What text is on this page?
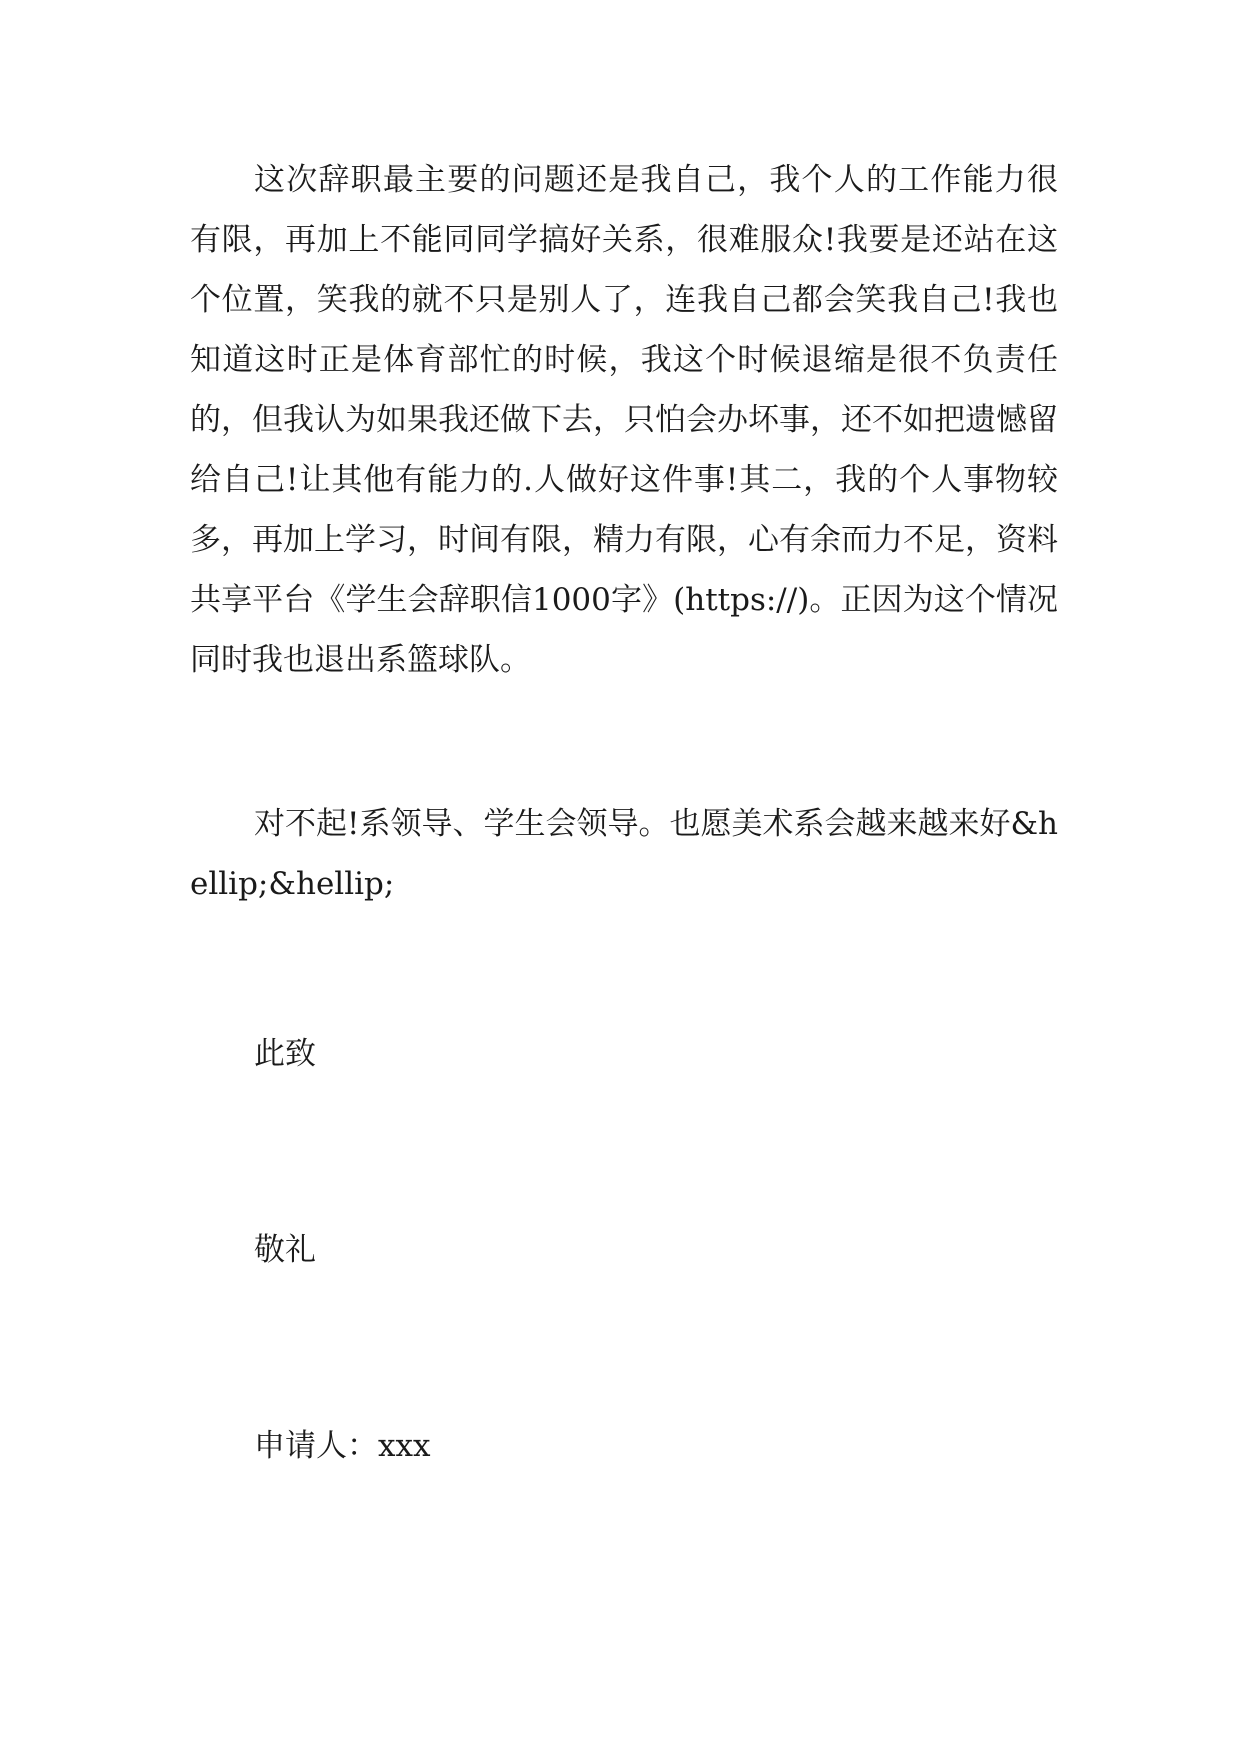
这次辞职最主要的问题还是我自己，我个人的工作能力很有限，再加上不能同同学搞好关系，很难服众!我要是还站在这个位置，笑我的就不只是别人了，连我自己都会笑我自己!我也知道这时正是体育部忙的时候，我这个时候退缩是很不负责任的，但我认为如果我还做下去，只怕会办坏事，还不如把遗憾留给自己!让其他有能力的.人做好这件事!其二，我的个人事物较多，再加上学习，时间有限，精力有限，心有余而力不足，资料共享平台《学生会辞职信1000字》(https://)。正因为这个情况同时我也退出系篮球队。

对不起!系领导、学生会领导。也愿美术系会越来越来好&hellip;&hellip;

此致

敬礼

申请人：xxx
